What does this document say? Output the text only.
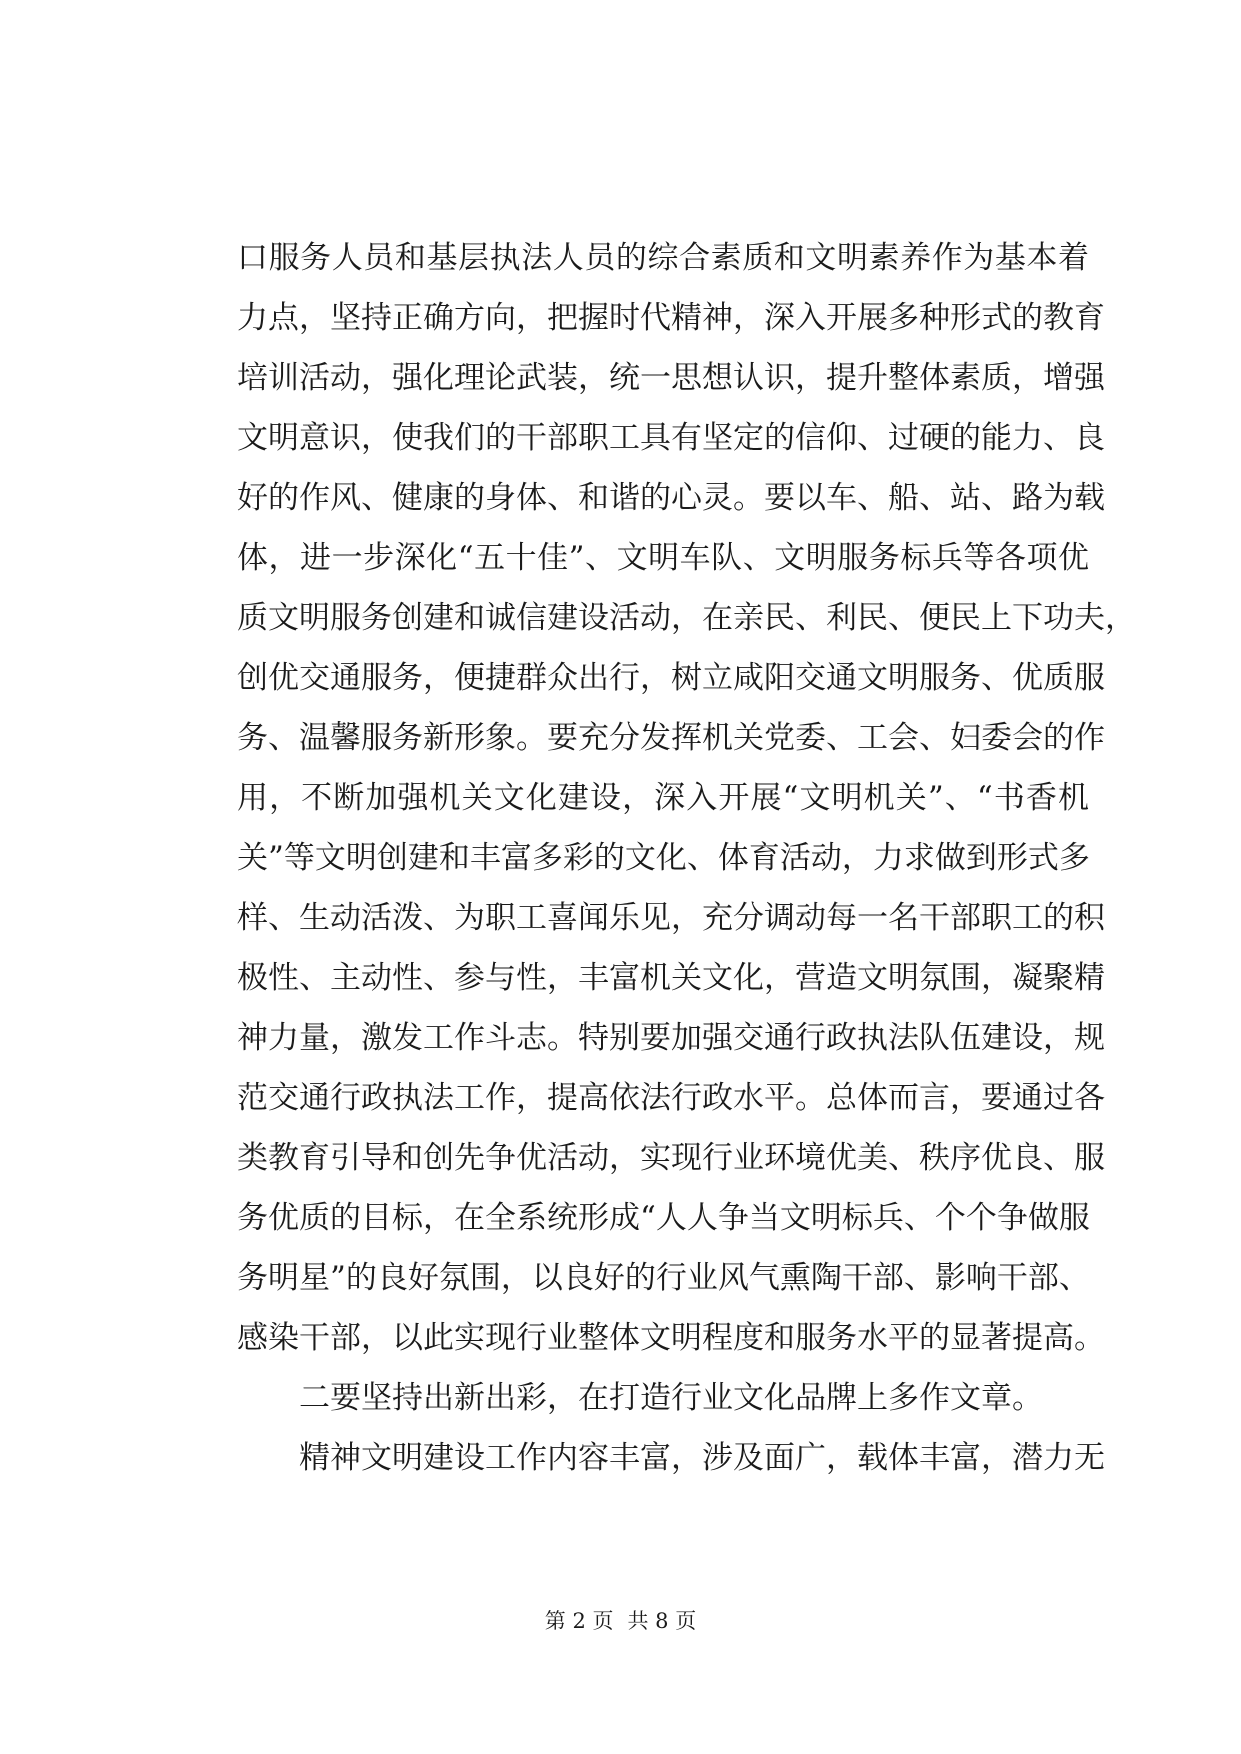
口服务人员和基层执法人员的综合素质和文明素养作为基本着
力点，坚持正确方向，把握时代精神，深入开展多种形式的教育
培训活动，强化理论武装，统一思想认识，提升整体素质，增强
文明意识，使我们的干部职工具有坚定的信仰、过硬的能力、良
好的作风、健康的身体、和谐的心灵。要以车、船、站、路为载
体，进一步深化“五十佳”、文明车队、文明服务标兵等各项优
质文明服务创建和诚信建设活动，在亲民、利民、便民上下功夫，
创优交通服务，便捷群众出行，树立咸阳交通文明服务、优质服
务、温馨服务新形象。要充分发挥机关党委、工会、妇委会的作
用，不断加强机关文化建设，深入开展“文明机关”、“书香机
关”等文明创建和丰富多彩的文化、体育活动，力求做到形式多
样、生动活泼、为职工喜闻乐见，充分调动每一名干部职工的积
极性、主动性、参与性，丰富机关文化，营造文明氛围，凝聚精
神力量，激发工作斗志。特别要加强交通行政执法队伍建设，规
范交通行政执法工作，提高依法行政水平。总体而言，要通过各
类教育引导和创先争优活动，实现行业环境优美、秩序优良、服
务优质的目标，在全系统形成“人人争当文明标兵、个个争做服
务明星”的良好氛围，以良好的行业风气熏陶干部、影响干部、
感染干部，以此实现行业整体文明程度和服务水平的显著提高。
二要坚持出新出彩，在打造行业文化品牌上多作文章。
精神文明建设工作内容丰富，涉及面广，载体丰富，潜力无
第 2 页 共 8 页
